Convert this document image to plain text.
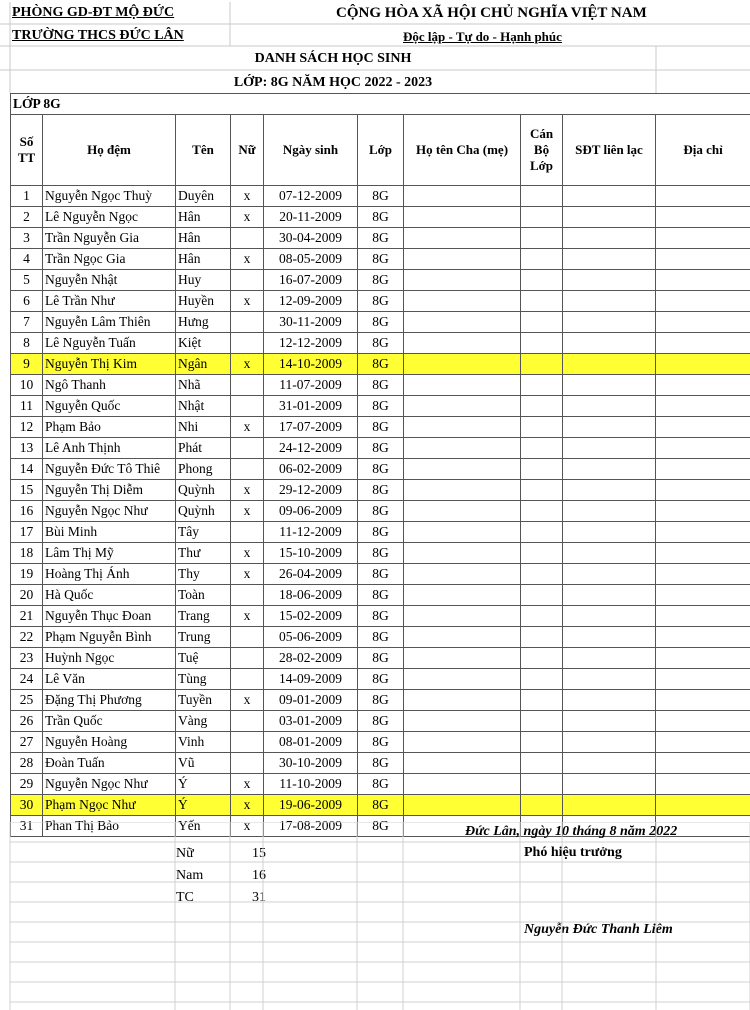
PHÒNG GD-ĐT MỘ ĐỨC
TRƯỜNG THCS ĐỨC LÂN
CỘNG HÒA XÃ HỘI CHỦ NGHĨA VIỆT NAM
Độc lập - Tự do - Hạnh phúc
DANH SÁCH HỌC SINH
LỚP: 8G NĂM HỌC 2022 - 2023
LỚP 8G									
Số TT	Họ đệm	Tên	Nữ	Ngày sinh	Lớp	Họ tên Cha (mẹ)	Cán Bộ Lớp	SĐT liên lạc	Địa chỉ
1	Nguyễn Ngọc Thuỳ	Duyên	x	07-12-2009	8G				
2	Lê Nguyễn Ngọc	Hân	x	20-11-2009	8G				
3	Trần Nguyễn Gia	Hân		30-04-2009	8G				
4	Trần Ngọc Gia	Hân	x	08-05-2009	8G				
5	Nguyễn Nhật	Huy		16-07-2009	8G				
6	Lê Trần Như	Huyền	x	12-09-2009	8G				
7	Nguyễn Lâm Thiên	Hưng		30-11-2009	8G				
8	Lê Nguyễn Tuấn	Kiệt		12-12-2009	8G				
9	Nguyễn Thị Kim	Ngân	x	14-10-2009	8G				
10	Ngô Thanh	Nhã		11-07-2009	8G				
11	Nguyễn Quốc	Nhật		31-01-2009	8G				
12	Phạm Bảo	Nhi	x	17-07-2009	8G				
13	Lê Anh Thịnh	Phát		24-12-2009	8G				
14	Nguyễn Đức Tô Thiê	Phong		06-02-2009	8G				
15	Nguyễn Thị Diễm	Quỳnh	x	29-12-2009	8G				
16	Nguyễn Ngọc Như	Quỳnh	x	09-06-2009	8G				
17	Bùi Minh	Tây		11-12-2009	8G				
18	Lâm Thị Mỹ	Thư	x	15-10-2009	8G				
19	Hoàng Thị Ánh	Thy	x	26-04-2009	8G				
20	Hà Quốc	Toàn		18-06-2009	8G				
21	Nguyễn Thục Đoan	Trang	x	15-02-2009	8G				
22	Phạm Nguyễn Bình	Trung		05-06-2009	8G				
23	Huỳnh Ngọc	Tuệ		28-02-2009	8G				
24	Lê Văn	Tùng		14-09-2009	8G				
25	Đặng Thị Phương	Tuyền	x	09-01-2009	8G				
26	Trần Quốc	Vàng		03-01-2009	8G				
27	Nguyễn Hoàng	Vinh		08-01-2009	8G				
28	Đoàn Tuấn	Vũ		30-10-2009	8G				
29	Nguyễn Ngọc Như	Ý	x	11-10-2009	8G				
30	Phạm Ngọc Như	Ý	x	19-06-2009	8G				
31	Phan Thị Bảo	Yến	x	17-08-2009	8G					Đức Lân, ngày 10 tháng 8 năm 2022
Phó hiệu trưởng
Nguyễn Đức Thanh Liêm
Nữ	15
Nam	16
TC	31
